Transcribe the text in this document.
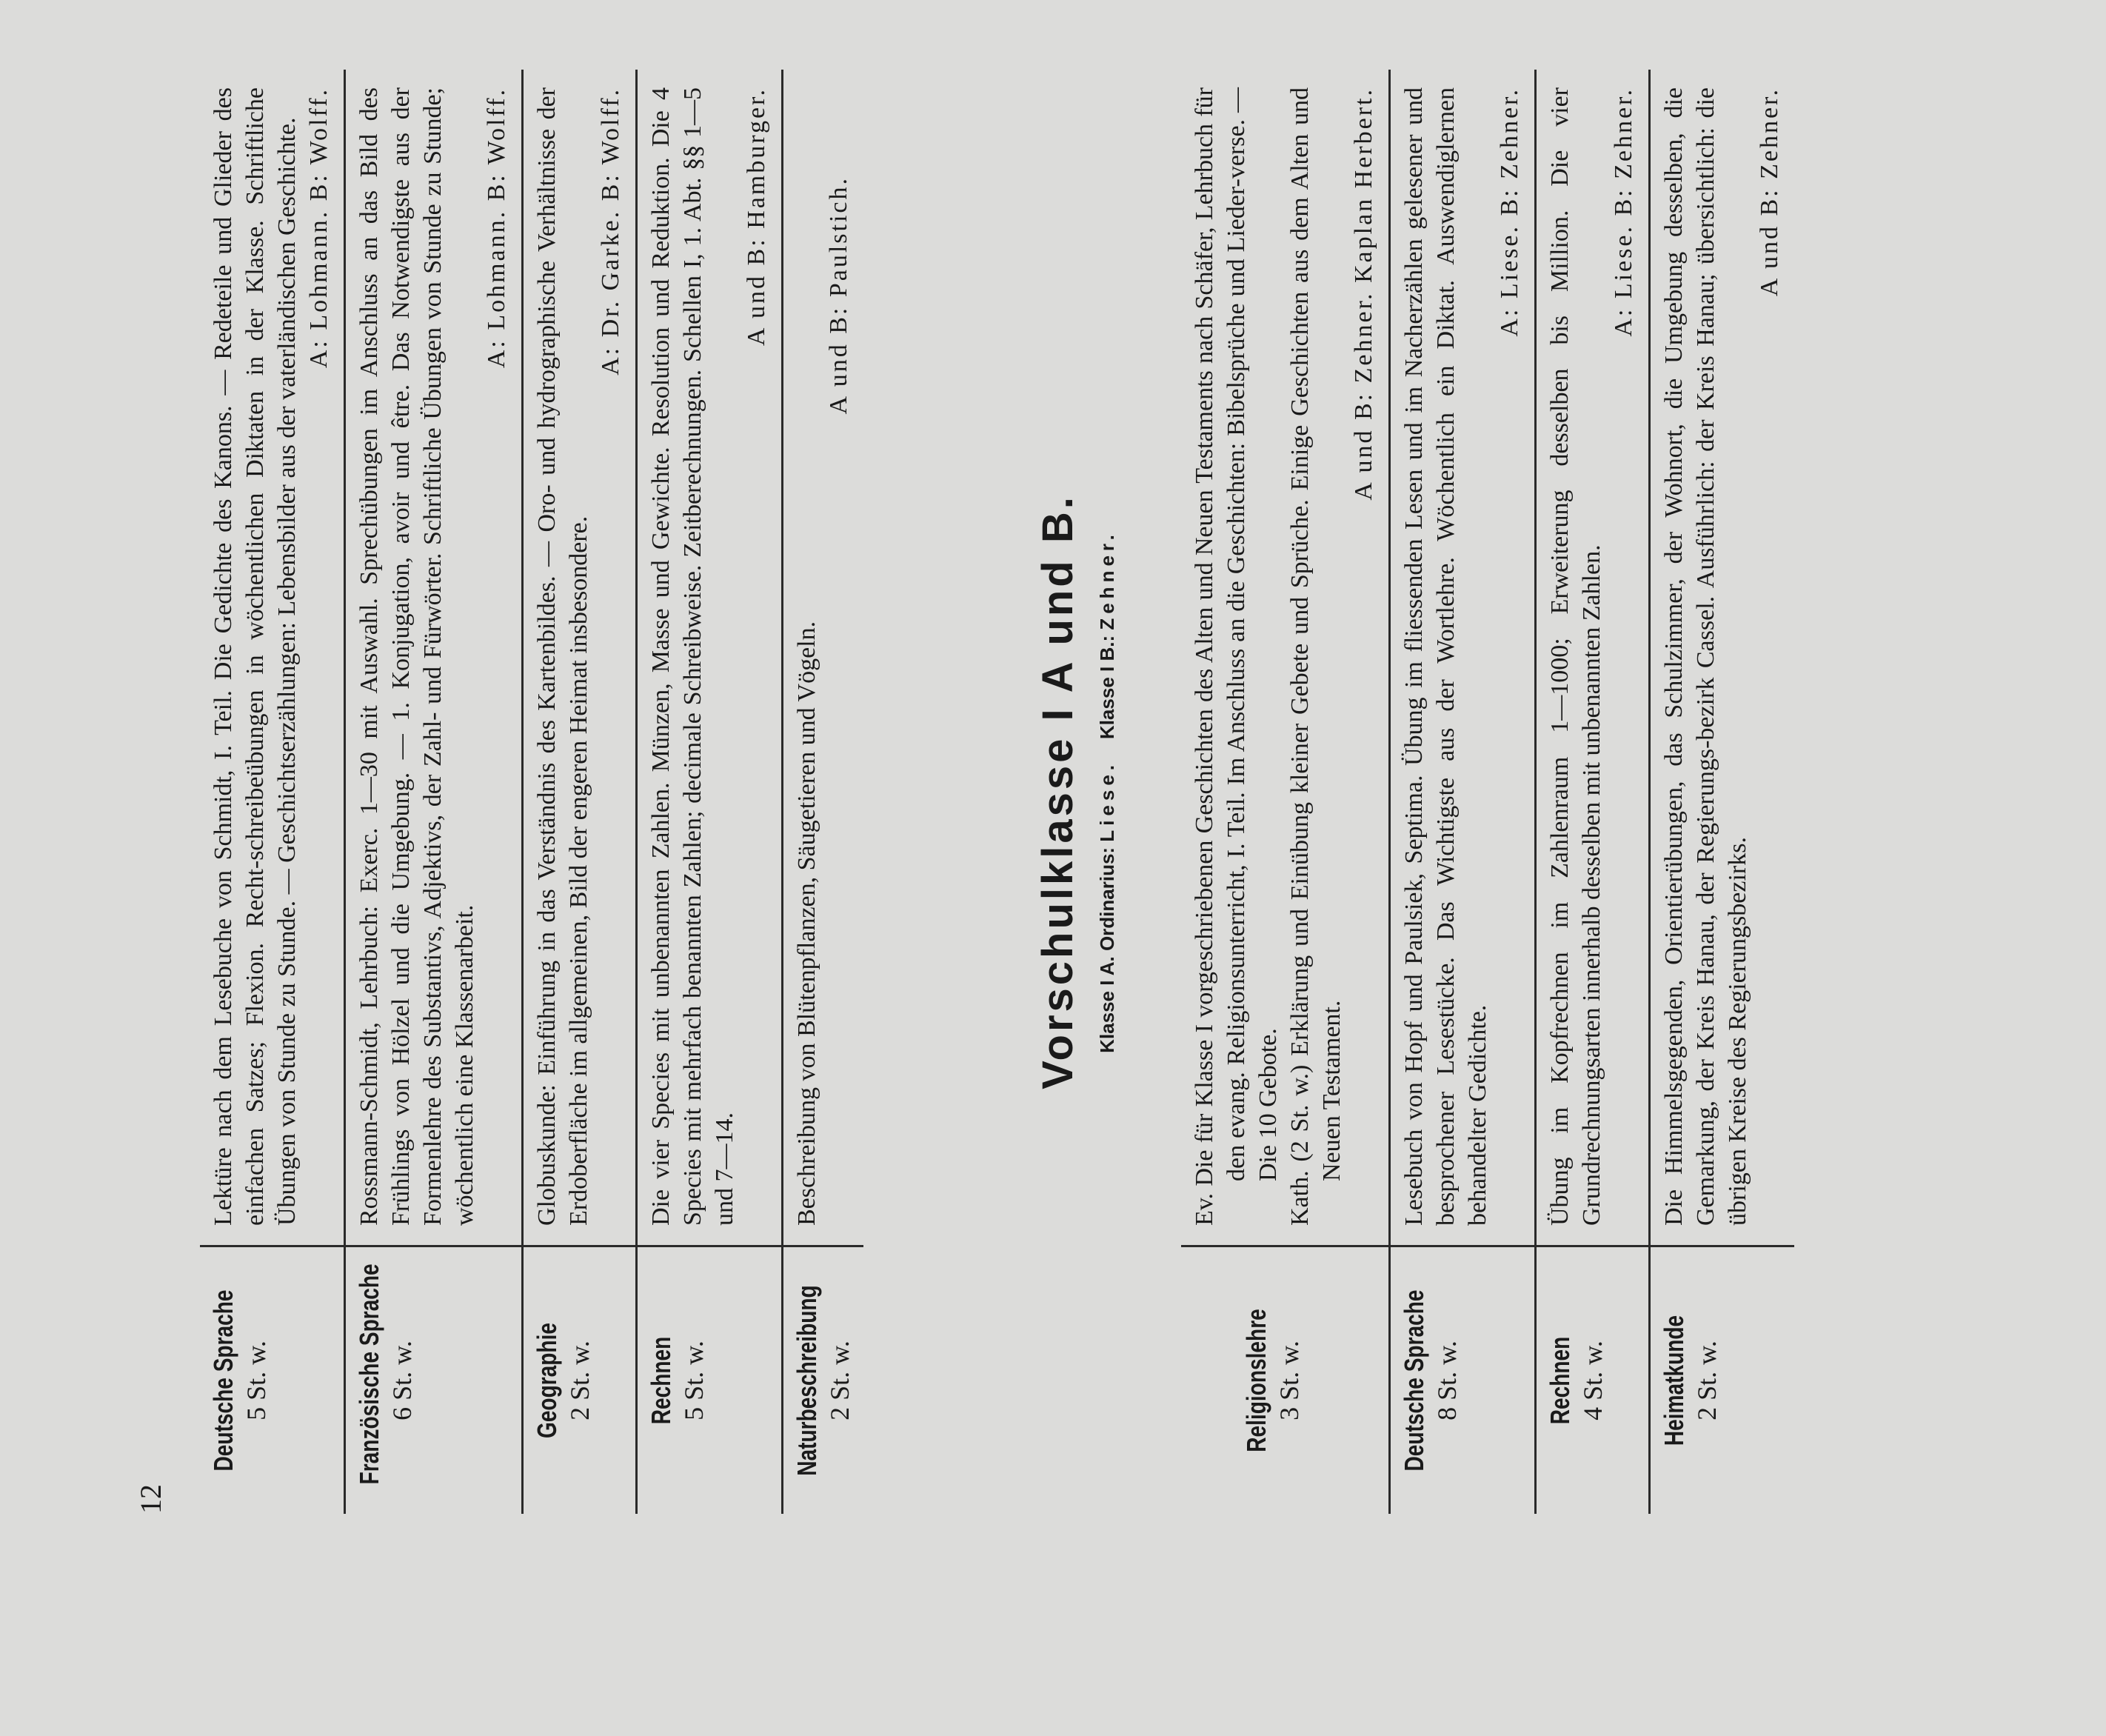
12
Deutsche Sprache 5 St. w.
Lektüre nach dem Lesebuche von Schmidt, I. Teil. Die Gedichte des Kanons. — Redeteile und Glieder des einfachen Satzes; Flexion. Recht-schreibeübungen in wöchentlichen Diktaten in der Klasse. Schriftliche Übungen von Stunde zu Stunde. — Geschichtserzählungen: Lebensbilder aus der vaterländischen Geschichte. A: Lohmann. B: Wolff.
Französische Sprache 6 St. w.
Rossmann-Schmidt, Lehrbuch: Exerc. 1—30 mit Auswahl. Sprechübungen im Anschluss an das Bild des Frühlings von Hölzel und die Umgebung. — 1. Konjugation, avoir und être. Das Notwendigste aus der Formenlehre des Substantivs, Adjektivs, der Zahl- und Fürwörter. Schriftliche Übungen von Stunde zu Stunde; wöchentlich eine Klassenarbeit.
A: Lohmann. B: Wolff.
Geographie 2 St. w.
Globuskunde: Einführung in das Verständnis des Kartenbildes. — Oro- und hydrographische Verhältnisse der Erdoberfläche im allgemeinen, Bild der engeren Heimat insbesondere.
A: Dr. Garke. B: Wolff.
Rechnen 5 St. w.
Die vier Species mit unbenannten Zahlen. Münzen, Masse und Gewichte. Resolution und Reduktion. Die 4 Species mit mehrfach benannten Zahlen; decimale Schreibweise. Zeitberechnungen. Schellen I, 1. Abt. §§ 1—5 und 7—14.
A und B: Hamburger.
Naturbeschreibung 2 St. w.
Beschreibung von Blütenpflanzen, Säugetieren und Vögeln.
A und B: Paulstich.
Vorschulklasse I A und B. Klasse I A. Ordinarius: Liese.    Klasse I B.: Zehner.
Religionslehre 3 St. w.
Ev. Die für Klasse I vorgeschriebenen Geschichten des Alten und Neuen Testaments nach Schäfer, Lehrbuch für den evang. Religionsunterricht, I. Teil. Im Anschluss an die Geschichten: Bibelsprüche und Lieder-verse. — Die 10 Gebote. Kath. (2 St. w.) Erklärung und Einübung kleiner Gebete und Sprüche. Einige Geschichten aus dem Alten und Neuen Testament.
A und B: Zehner. Kaplan Herbert.
Deutsche Sprache 8 St. w.
Lesebuch von Hopf und Paulsiek, Septima. Übung im fliessenden Lesen und im Nacherzählen gelesener und besprochener Lesestücke. Das Wichtigste aus der Wortlehre. Wöchentlich ein Diktat. Auswendiglernen behandelter Gedichte.
A: Liese. B: Zehner.
Rechnen 4 St. w.
Übung im Kopfrechnen im Zahlenraum 1—1000; Erweiterung desselben bis Million. Die vier Grundrechnungsarten innerhalb desselben mit unbenannten Zahlen.
A: Liese. B: Zehner.
Heimatkunde 2 St. w.
Die Himmelsgegenden, Orientierübungen, das Schulzimmer, der Wohnort, die Umgebung desselben, die Gemarkung, der Kreis Hanau, der Regierungs-bezirk Cassel. Ausführlich: der Kreis Hanau; übersichtlich: die übrigen Kreise des Regierungsbezirks.
A und B: Zehner.
